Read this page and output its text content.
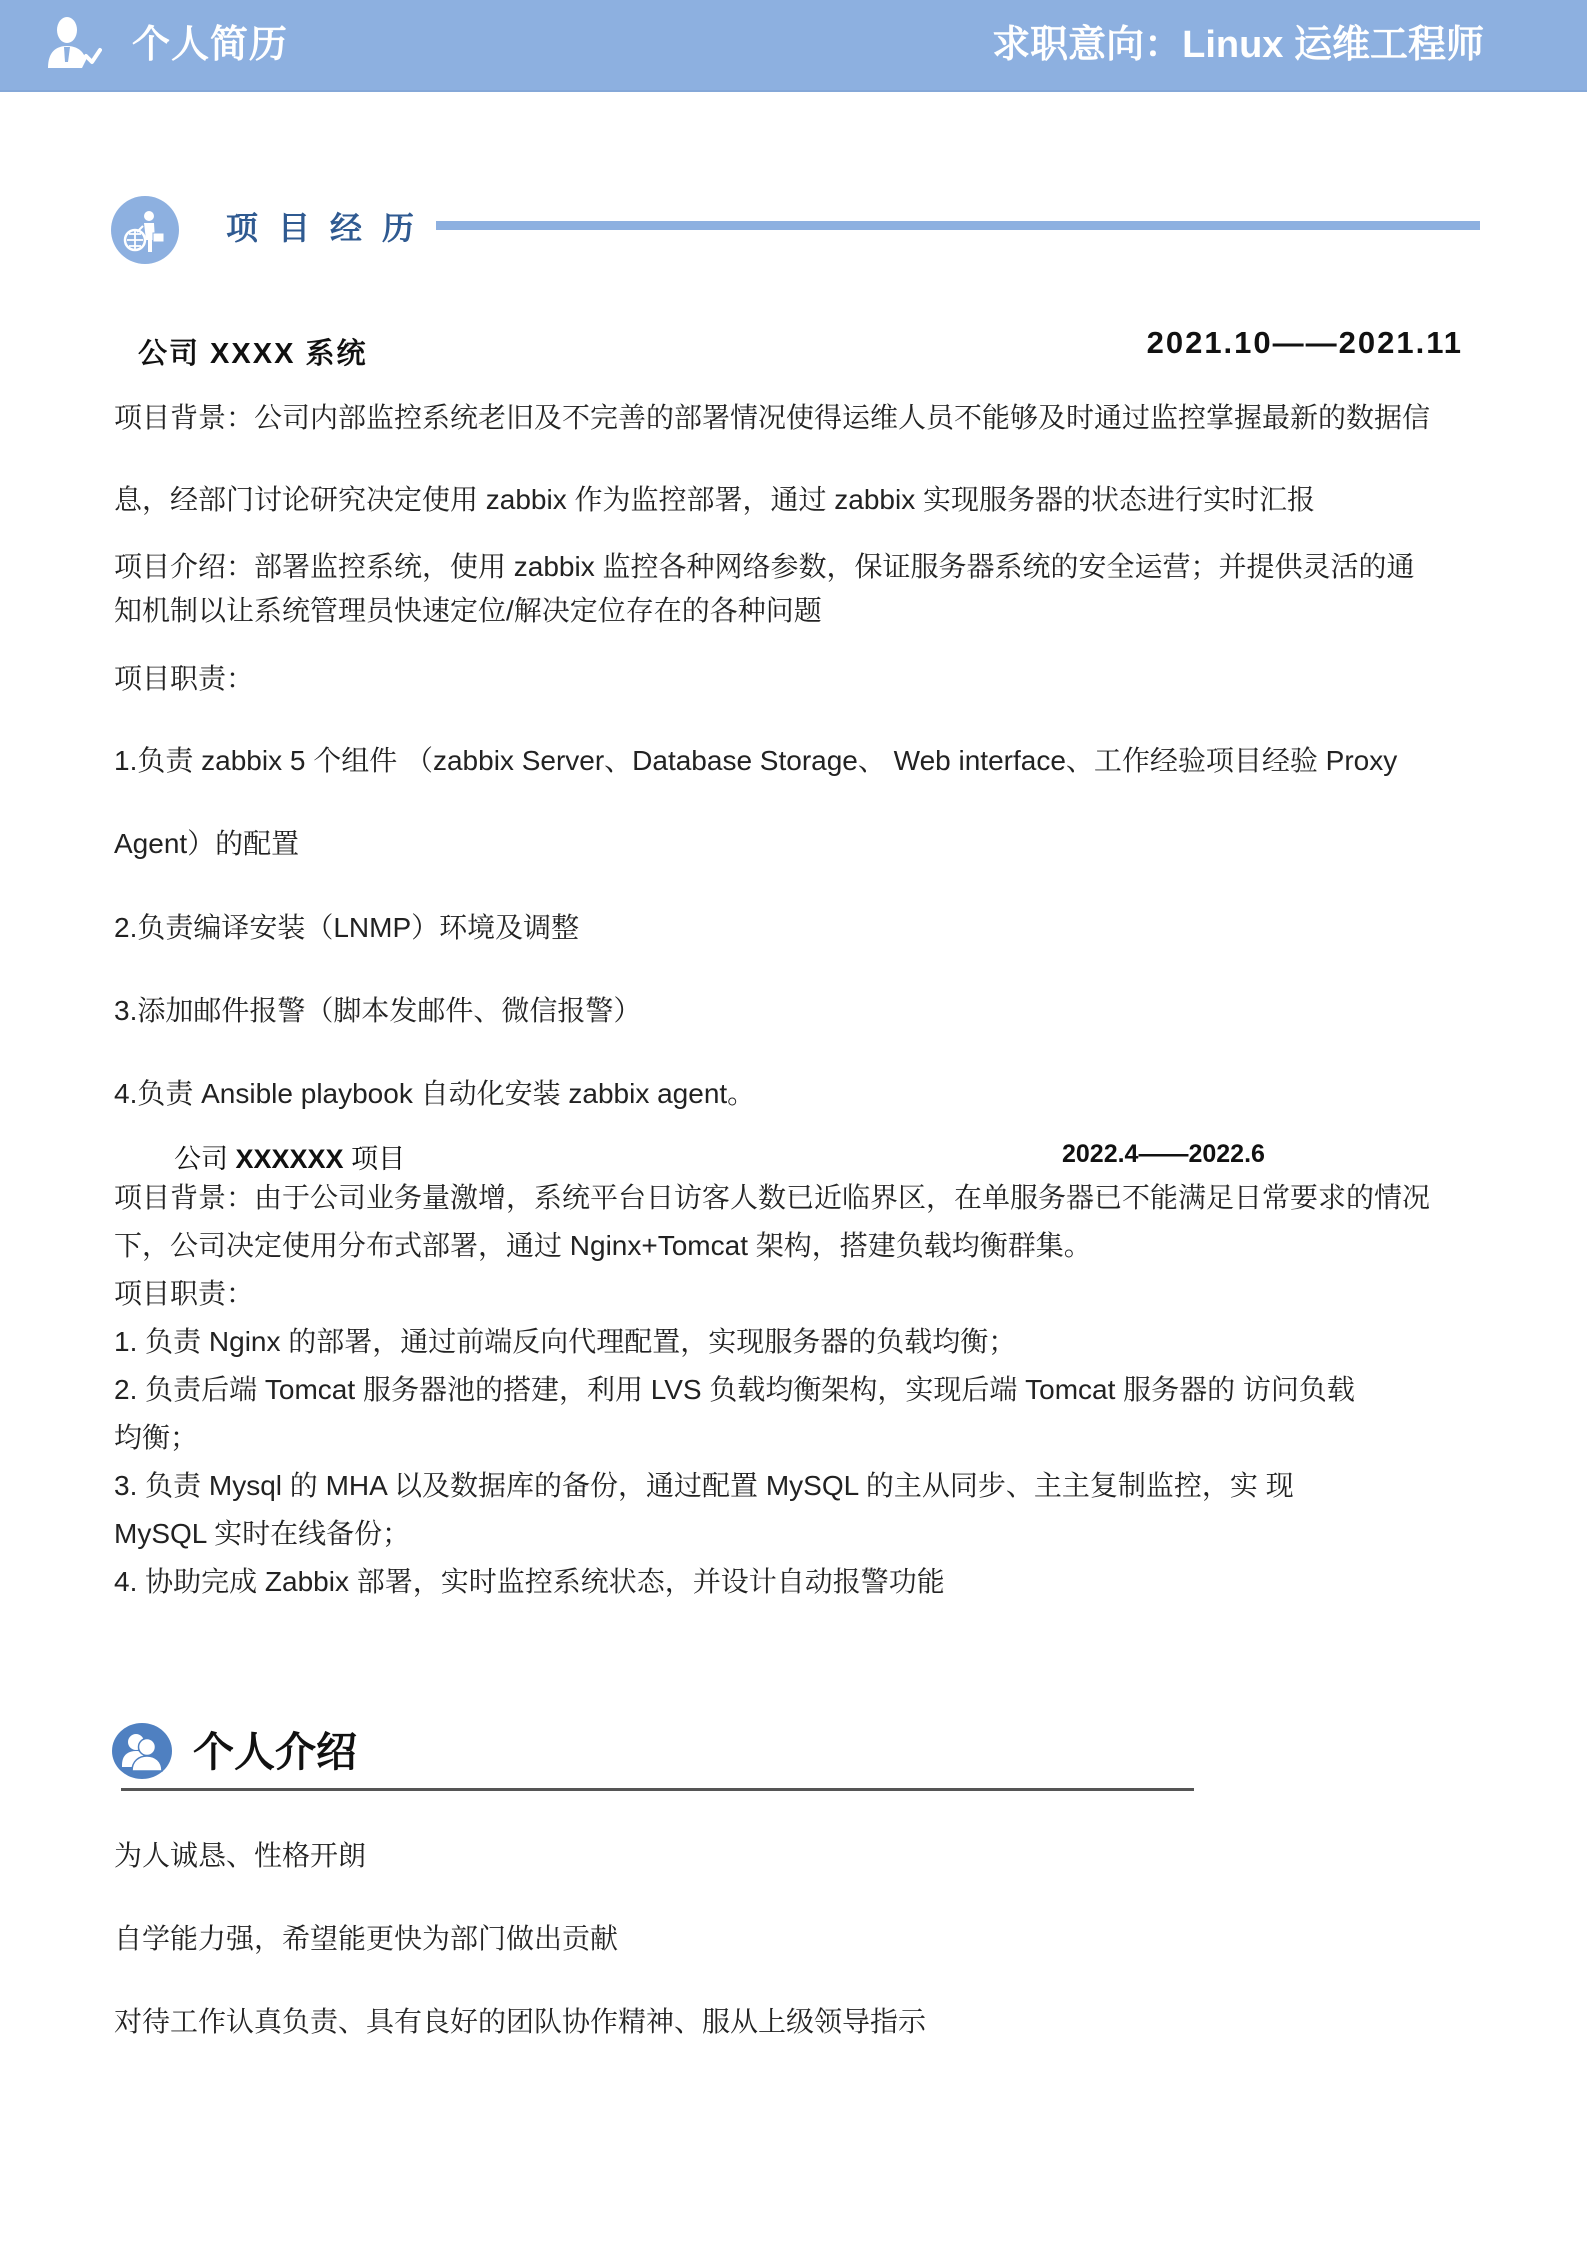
个人简历	求职意向：Linux 运维工程师
项目经历
公司 XXXX 系统	2021.10——2021.11
项目背景：公司内部监控系统老旧及不完善的部署情况使得运维人员不能够及时通过监控掌握最新的数据信
息，经部门讨论研究决定使用 zabbix 作为监控部署，通过 zabbix 实现服务器的状态进行实时汇报
项目介绍：部署监控系统，使用 zabbix 监控各种网络参数，保证服务器系统的安全运营；并提供灵活的通
知机制以让系统管理员快速定位/解决定位存在的各种问题
项目职责：
1.负责 zabbix 5 个组件 （zabbix Server、Database Storage、 Web interface、工作经验项目经验 Proxy
Agent）的配置
2.负责编译安装（LNMP）环境及调整
3.添加邮件报警（脚本发邮件、微信报警）
4.负责 Ansible playbook 自动化安装 zabbix agent。
公司 XXXXXX 项目	2022.4——2022.6
项目背景：由于公司业务量激增，系统平台日访客人数已近临界区，在单服务器已不能满足日常要求的情况
下，公司决定使用分布式部署，通过 Nginx+Tomcat 架构，搭建负载均衡群集。
项目职责：
1. 负责 Nginx 的部署，通过前端反向代理配置，实现服务器的负载均衡；
2. 负责后端 Tomcat 服务器池的搭建，利用 LVS 负载均衡架构，实现后端 Tomcat 服务器的 访问负载
均衡；
3. 负责 Mysql 的 MHA 以及数据库的备份，通过配置 MySQL 的主从同步、主主复制监控，实 现
MySQL 实时在线备份；
4. 协助完成 Zabbix 部署，实时监控系统状态，并设计自动报警功能
个人介绍
为人诚恳、性格开朗
自学能力强，希望能更快为部门做出贡献
对待工作认真负责、具有良好的团队协作精神、服从上级领导指示
